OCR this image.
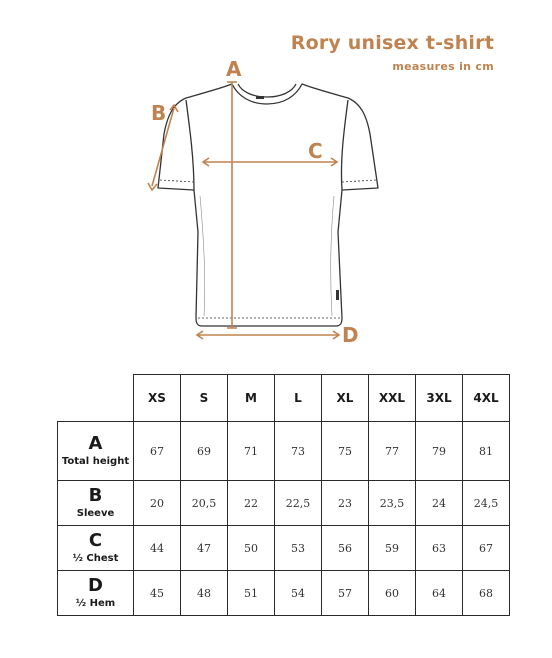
Rory unisex t-shirt
measures in cm
A
B
C
D
	XS	S	M	L	XL	XXL	3XL	4XL

A
Total height	67	69	71	73	75	77	79	81

B
Sleeve	20	20,5	22	22,5	23	23,5	24	24,5

C
½ Chest	44	47	50	53	56	59	63	67

D
½ Hem	45	48	51	54	57	60	64	68
